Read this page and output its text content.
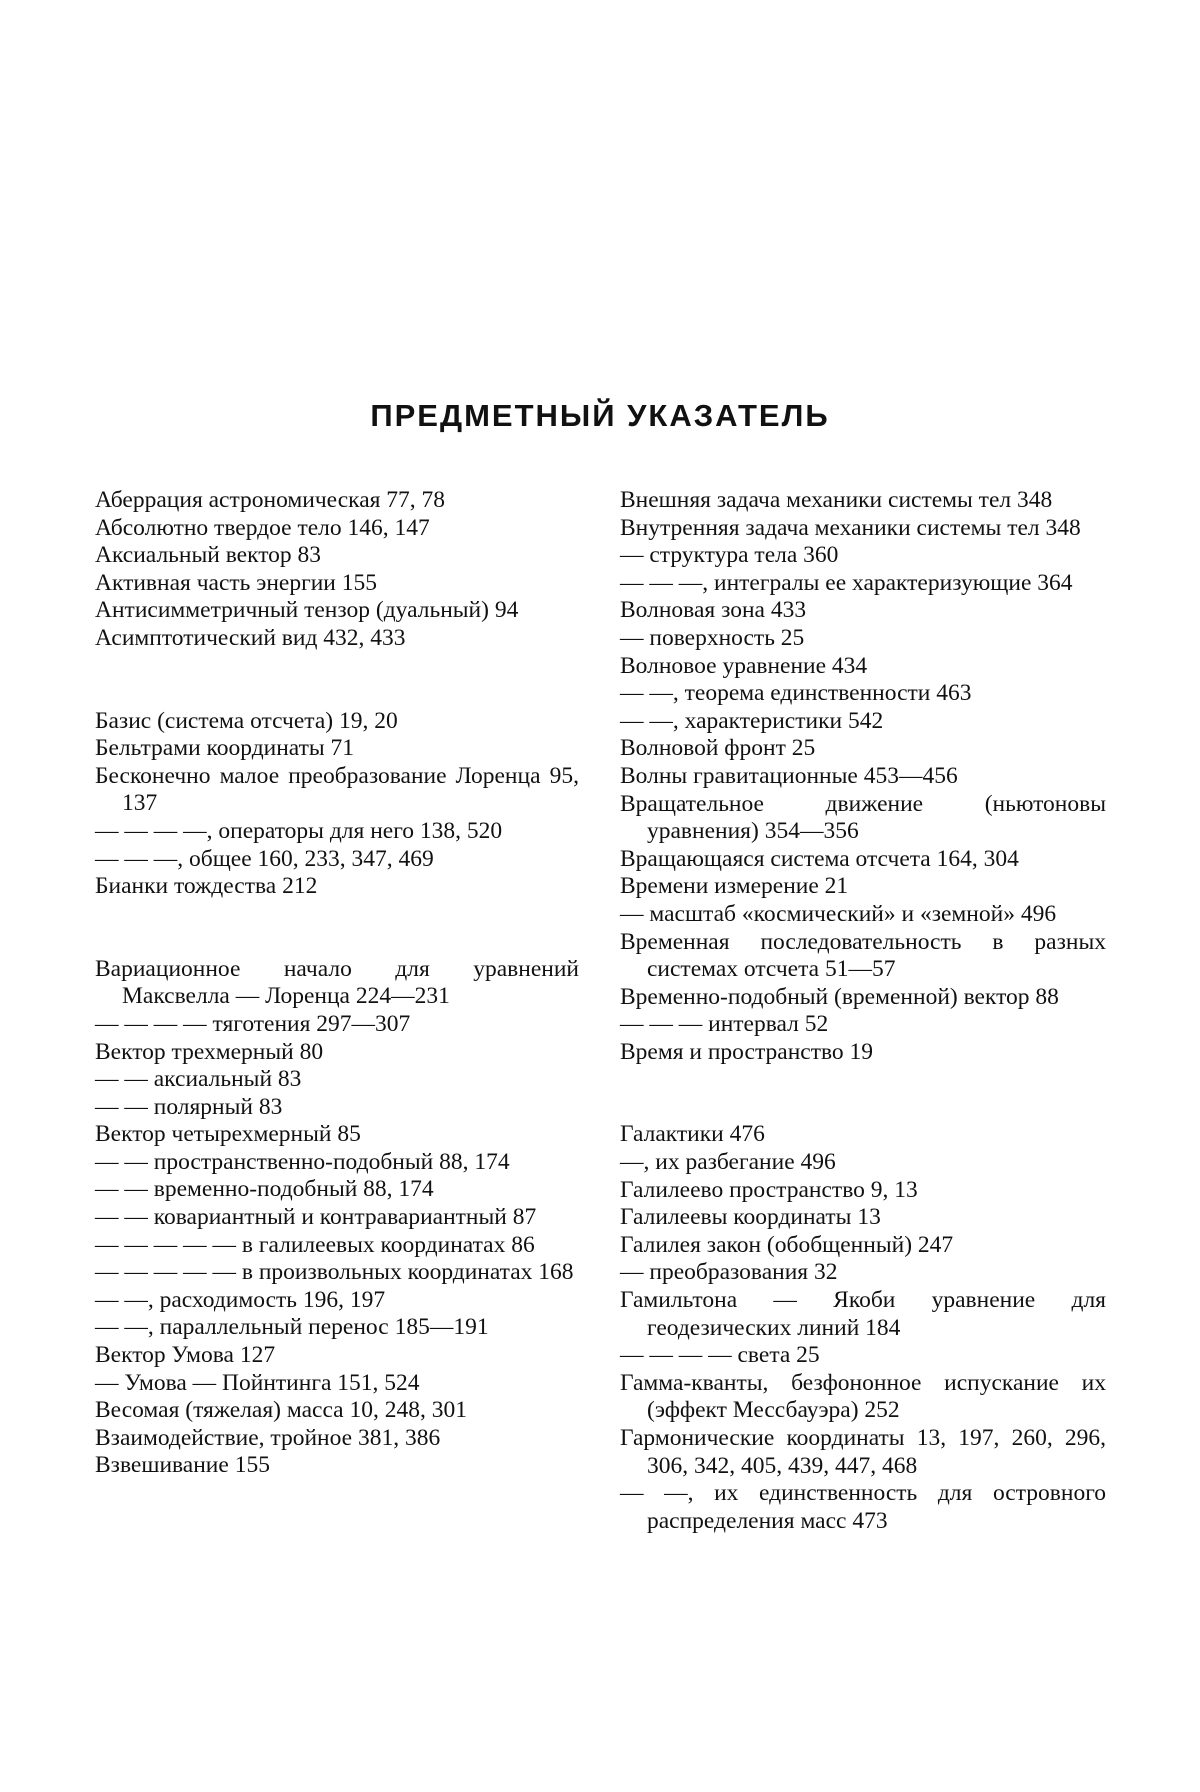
ПРЕДМЕТНЫЙ УКАЗАТЕЛЬ

Аберрация астрономическая 77, 78

Абсолютно твердое тело 146, 147

Аксиальный вектор 83

Активная часть энергии 155

Антисимметричный тензор (дуальный) 94

Асимптотический вид 432, 433

Базис (система отсчета) 19, 20

Бельтрами координаты 71

Бесконечно малое преобразование Лоренца 95, 137

— — — —, операторы для него 138, 520

— — —, общее 160, 233, 347, 469

Бианки тождества 212

Вариационное начало для уравнений Максвелла — Лоренца 224—231

— — — — тяготения 297—307

Вектор трехмерный 80

— — аксиальный 83

— — полярный 83

Вектор четырехмерный 85

— — пространственно-подобный 88, 174

— — временно-подобный 88, 174

— — ковариантный и контравариантный 87

— — — — — в галилеевых координатах 86

— — — — — в произвольных координатах 168

— —, расходимость 196, 197

— —, параллельный перенос 185—191

Вектор Умова 127

— Умова — Пойнтинга 151, 524

Весомая (тяжелая) масса 10, 248, 301

Взаимодействие, тройное 381, 386

Взвешивание 155

Внешняя задача механики системы тел 348

Внутренняя задача механики системы тел 348

— структура тела 360

— — —, интегралы ее характеризующие 364

Волновая зона 433

— поверхность 25

Волновое уравнение 434

— —, теорема единственности 463

— —, характеристики 542

Волновой фронт 25

Волны гравитационные 453—456

Вращательное движение (ньютоновы уравнения) 354—356

Вращающаяся система отсчета 164, 304

Времени измерение 21

— масштаб «космический» и «земной» 496

Временная последовательность в разных системах отсчета 51—57

Временно-подобный (временной) вектор 88

— — — интервал 52

Время и пространство 19

Галактики 476

—, их разбегание 496

Галилеево пространство 9, 13

Галилеевы координаты 13

Галилея закон (обобщенный) 247

— преобразования 32

Гамильтона — Якоби уравнение для геодезических линий 184

— — — — света 25

Гамма-кванты, безфононное испускание их (эффект Мессбауэра) 252

Гармонические координаты 13, 197, 260, 296, 306, 342, 405, 439, 447, 468

— —, их единственность для островного распределения масс 473
